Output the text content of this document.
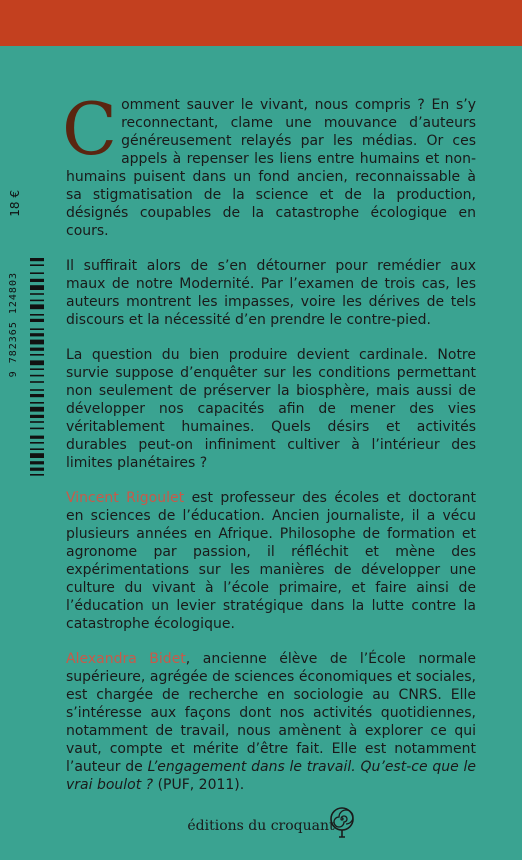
18 €
9 782365 124803

Comment sauver le vivant, nous compris ? En s’y reconnectant, clame une mouvance d’auteurs généreusement relayés par les médias. Or ces appels à repenser les liens entre humains et non-humains puisent dans un fond ancien, reconnaissable à sa stigmatisation de la science et de la production, désignés coupables de la catastrophe écologique en cours.

Il suffirait alors de s’en détourner pour remédier aux maux de notre Modernité. Par l’examen de trois cas, les auteurs montrent les impasses, voire les dérives de tels discours et la nécessité d’en prendre le contre-pied.

La question du bien produire devient cardinale. Notre survie suppose d’enquêter sur les conditions permettant non seulement de préserver la biosphère, mais aussi de développer nos capacités afin de mener des vies véritablement humaines. Quels désirs et activités durables peut-on infiniment cultiver à l’intérieur des limites planétaires ?

Vincent Rigoulet est professeur des écoles et doctorant en sciences de l’éducation. Ancien journaliste, il a vécu plusieurs années en Afrique. Philosophe de formation et agronome par passion, il réfléchit et mène des expérimentations sur les manières de développer une culture du vivant à l’école primaire, et faire ainsi de l’éducation un levier stratégique dans la lutte contre la catastrophe écologique.

Alexandra Bidet, ancienne élève de l’École normale supérieure, agrégée de sciences économiques et sociales, est chargée de recherche en sociologie au CNRS. Elle s’intéresse aux façons dont nos activités quotidiennes, notamment de travail, nous amènent à explorer ce qui vaut, compte et mérite d’être fait. Elle est notamment l’auteur de L’engagement dans le travail. Qu’est-ce que le vrai boulot ? (PUF, 2011).

éditions du croquant
